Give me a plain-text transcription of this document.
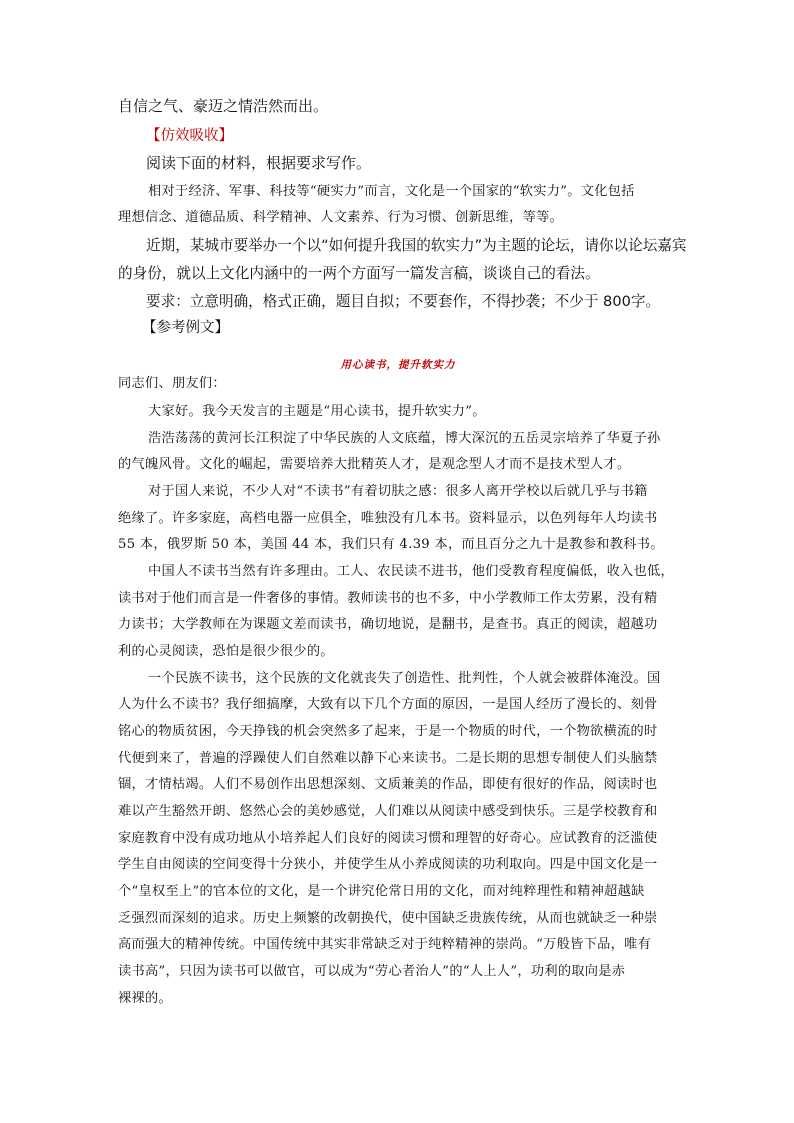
自信之气、豪迈之情浩然而出。

【仿效吸收】

阅读下面的材料，根据要求写作。

相对于经济、军事、科技等“硬实力”而言，文化是一个国家的“软实力”。文化包括

理想信念、道德品质、科学精神、人文素养、行为习惯、创新思维，等等。

近期，某城市要举办一个以“如何提升我国的软实力”为主题的论坛，请你以论坛嘉宾

的身份，就以上文化内涵中的一两个方面写一篇发言稿，谈谈自己的看法。

要求：立意明确，格式正确，题目自拟；不要套作，不得抄袭；不少于 800字。

【参考例文】

用心读书，提升软实力

同志们、朋友们：

大家好。我今天发言的主题是“用心读书，提升软实力”。

浩浩荡荡的黄河长江积淀了中华民族的人文底蕴，博大深沉的五岳灵宗培养了华夏子孙

的气魄风骨。文化的崛起，需要培养大批精英人才，是观念型人才而不是技术型人才。

对于国人来说，不少人对“不读书”有着切肤之感：很多人离开学校以后就几乎与书籍

绝缘了。许多家庭，高档电器一应俱全，唯独没有几本书。资料显示，以色列每年人均读书

55 本，俄罗斯 50 本，美国 44 本，我们只有 4.39 本，而且百分之九十是教参和教科书。

中国人不读书当然有许多理由。工人、农民读不进书，他们受教育程度偏低，收入也低，

读书对于他们而言是一件奢侈的事情。教师读书的也不多，中小学教师工作太劳累，没有精

力读书；大学教师在为课题文差而读书，确切地说，是翻书，是查书。真正的阅读，超越功

利的心灵阅读，恐怕是很少很少的。

一个民族不读书，这个民族的文化就丧失了创造性、批判性，个人就会被群体淹没。国

人为什么不读书？我仔细搞摩，大致有以下几个方面的原因，一是国人经历了漫长的、刻骨

铭心的物质贫困，今天挣钱的机会突然多了起来，于是一个物质的时代，一个物欲横流的时

代便到来了，普遍的浮躁使人们自然难以静下心来读书。二是长期的思想专制使人们头脑禁

锢，才情枯竭。人们不易创作出思想深刻、文质兼美的作品，即使有很好的作品，阅读时也

难以产生豁然开朗、悠然心会的美妙感觉，人们难以从阅读中感受到快乐。三是学校教育和

家庭教育中没有成功地从小培养起人们良好的阅读习惯和理智的好奇心。应试教育的泛滥使

学生自由阅读的空间变得十分狭小，并使学生从小养成阅读的功利取向。四是中国文化是一

个“皇权至上”的官本位的文化，是一个讲究伦常日用的文化，而对纯粹理性和精神超越缺

乏强烈而深刻的追求。历史上频繁的改朝换代，使中国缺乏贵族传统，从而也就缺乏一种崇

高而强大的精神传统。中国传统中其实非常缺乏对于纯粹精神的崇尚。“万般皆下品，唯有

读书高”，只因为读书可以做官，可以成为“劳心者治人”的“人上人”，功利的取向是赤

裸裸的。
